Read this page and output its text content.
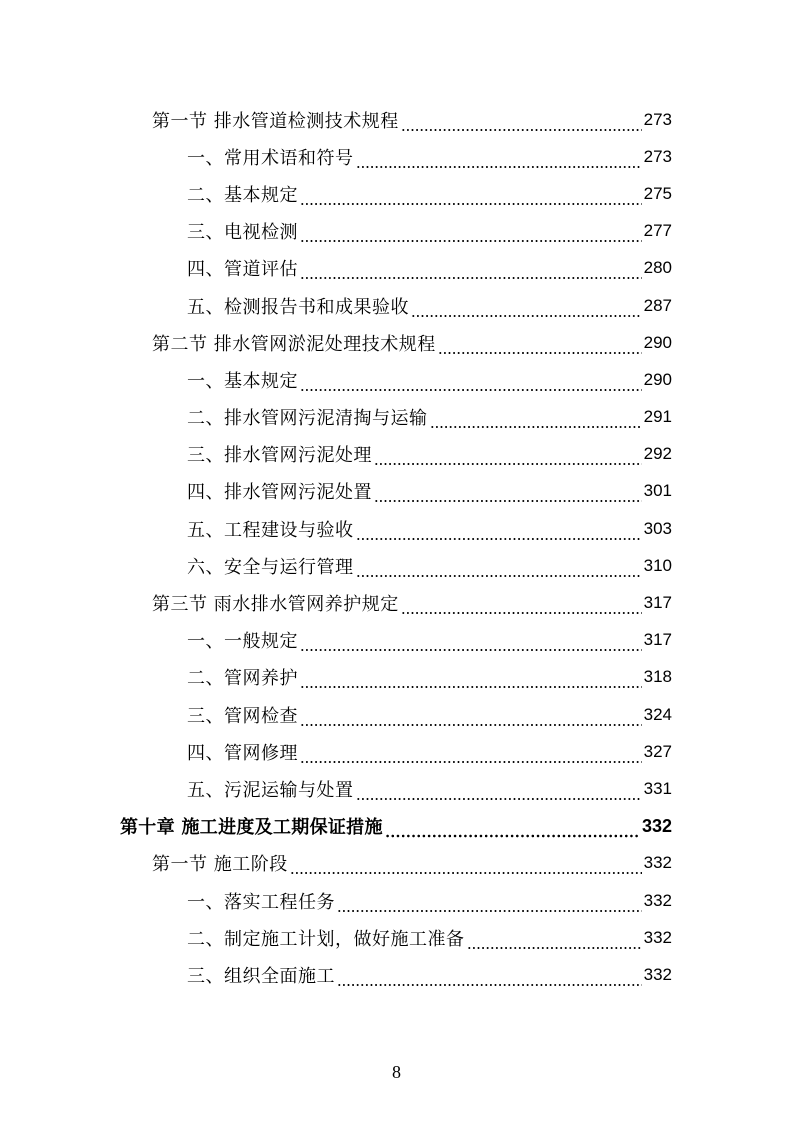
第一节 排水管道检测技术规程	273
一、常用术语和符号	273
二、基本规定	275
三、电视检测	277
四、管道评估	280
五、检测报告书和成果验收	287
第二节 排水管网淤泥处理技术规程	290
一、基本规定	290
二、排水管网污泥清掏与运输	291
三、排水管网污泥处理	292
四、排水管网污泥处置	301
五、工程建设与验收	303
六、安全与运行管理	310
第三节 雨水排水管网养护规定	317
一、一般规定	317
二、管网养护	318
三、管网检查	324
四、管网修理	327
五、污泥运输与处置	331
第十章 施工进度及工期保证措施	332
第一节 施工阶段	332
一、落实工程任务	332
二、制定施工计划，做好施工准备	332
三、组织全面施工	332
8
